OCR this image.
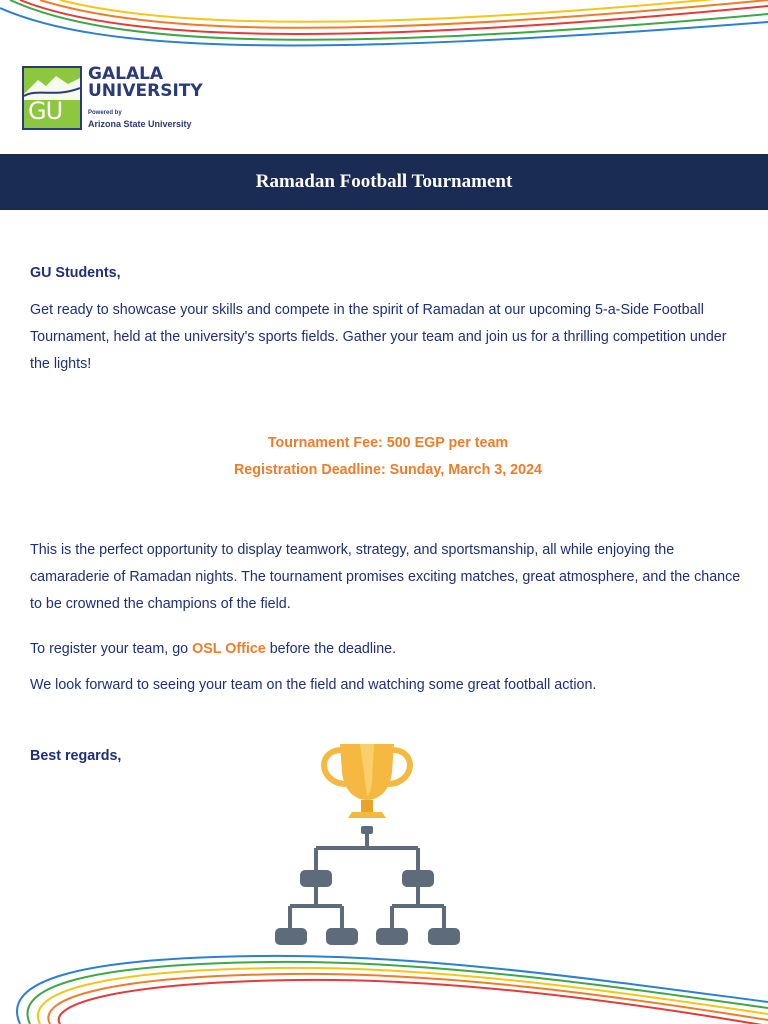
GU
GALALA
UNIVERSITY
Powered by
Arizona State University
Ramadan Football Tournament
GU Students,
Get ready to showcase your skills and compete in the spirit of Ramadan at our upcoming 5-a-Side Football Tournament, held at the university's sports fields. Gather your team and join us for a thrilling competition under the lights!
Tournament Fee: 500 EGP per team
Registration Deadline: Sunday, March 3, 2024
This is the perfect opportunity to display teamwork, strategy, and sportsmanship, all while enjoying the camaraderie of Ramadan nights. The tournament promises exciting matches, great atmosphere, and the chance to be crowned the champions of the field.
To register your team, go OSL Office before the deadline.
We look forward to seeing your team on the field and watching some great football action.
Best regards,
